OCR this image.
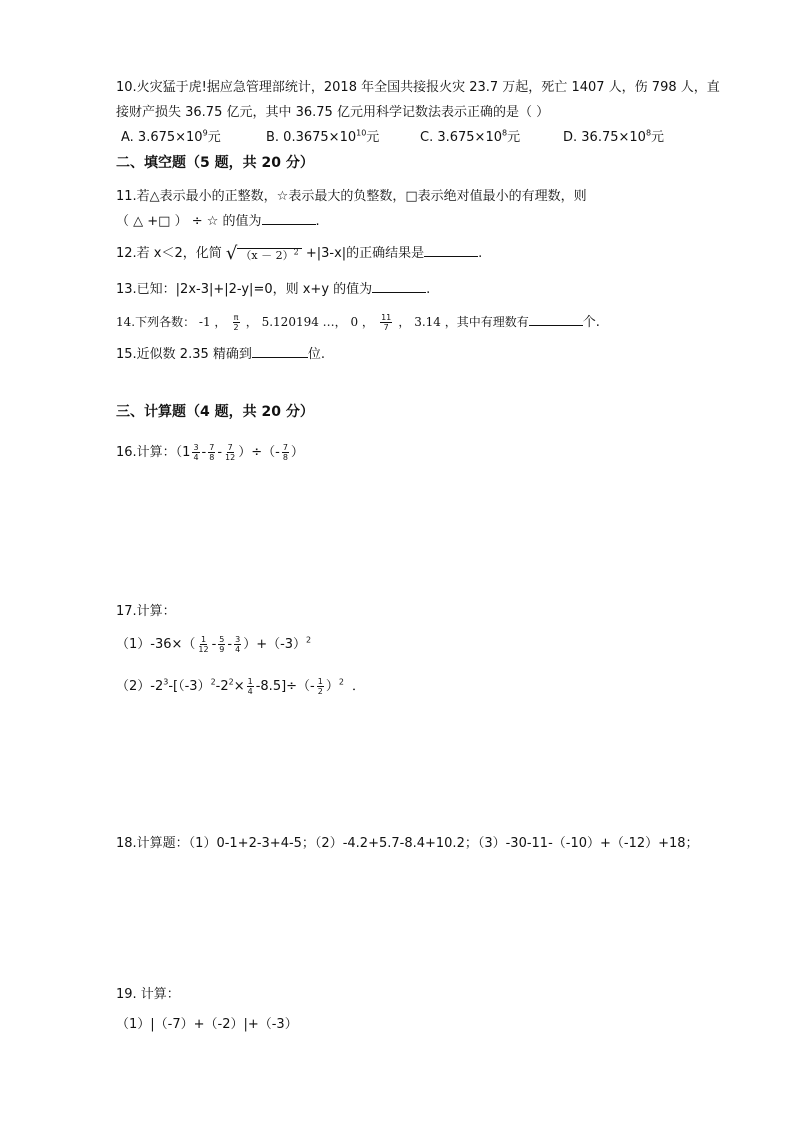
10.火灾猛于虎!据应急管理部统计，2018 年全国共接报火灾 23.7 万起，死亡 1407 人，伤 798 人，直
接财产损失 36.75 亿元，其中 36.75 亿元用科学记数法表示正确的是（ ）
A. $3.675\times 10^9$元	B. $0.3675\times 10^{10}$元	C. $3.675\times 10^8$元	D. $36.75\times 10^8$元
二、填空题（5 题，共 20 分）
11.若△表示最小的正整数，☆表示最大的负整数，□表示绝对值最小的有理数，则
（ △ +□ ） ÷ ☆ 的值为	.
12.若 x＜2，化简 √ $(x - 2)^2 +|3-x|$的正确结果是	.
13.已知：|2x-3|+|2-y|=0，则 x+y 的值为	.
14.下列各数： -1 ， $\frac{\pi}{2}$ ， 5.120194 …， 0 ， $\frac{11}{7}$ ， 3.14 ，其中有理数有	个.
15.近似数 2.35 精确到	位.
三、计算题（4 题，共 20 分）
16.计算：（$1 \frac{3}{4} - \frac{7}{8} - \frac{7}{12}$ ）÷（- $\frac{7}{8}$ ）
17.计算：
$(1)-36\times( \frac{1}{12} - \frac{5}{9} - \frac{3}{4} )+(-3)^2$
$(2)-2^3-[(-3)^2-2^2\times \frac{1}{4} -8.5]\div(- \frac{1}{2} )^2$ ．
18.计算题：（1）0-1+2-3+4-5；（2）-4.2+5.7-8.4+10.2；（3）-30-11-（-10）+（-12）+18；
19. 计算：
（1）|（-7）+（-2）|+（-3）
